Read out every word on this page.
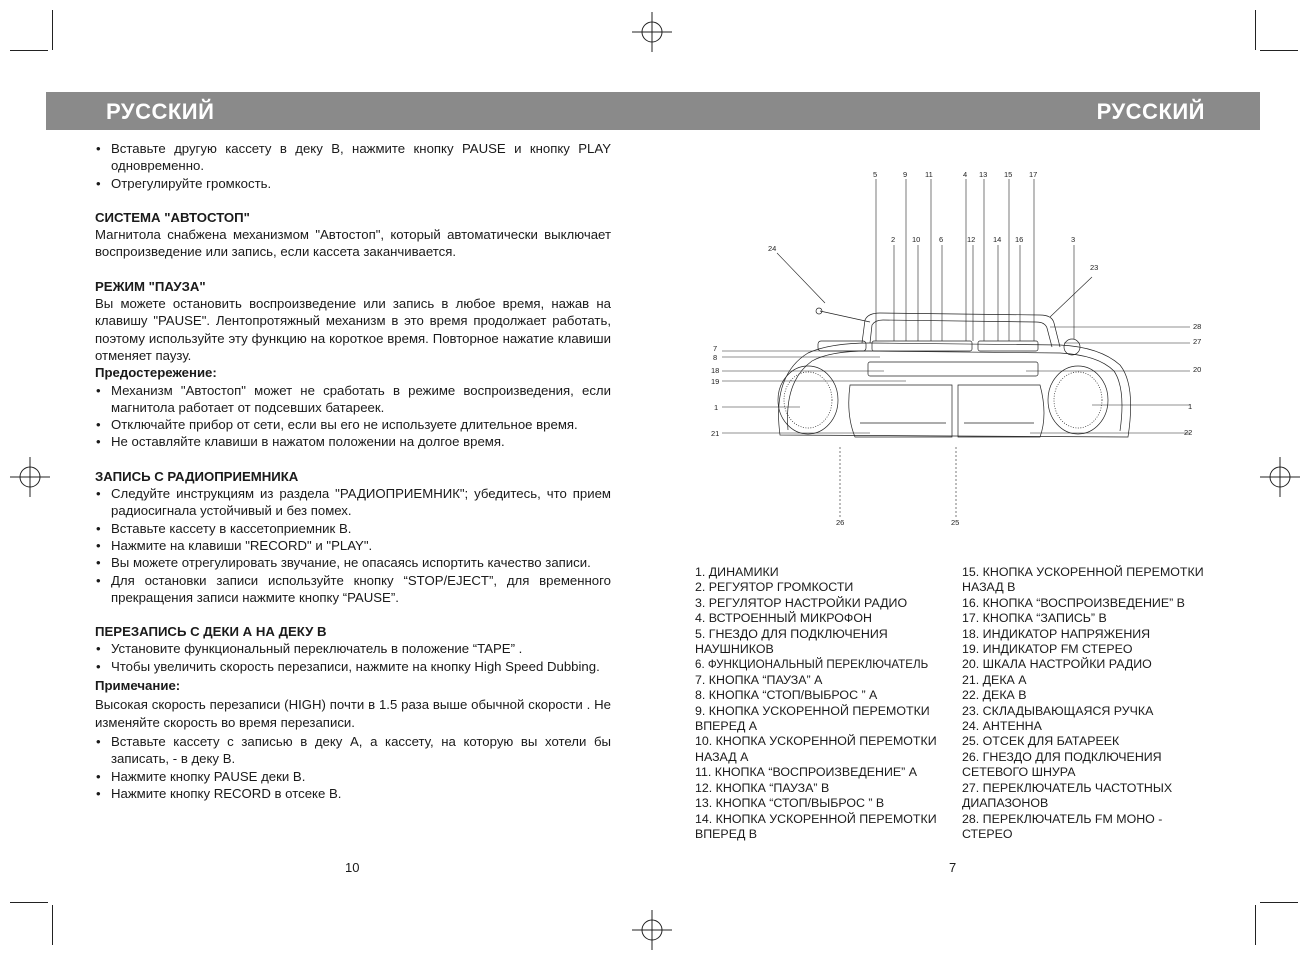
РУССКИЙ	РУССКИЙ
• Вставьте другую кассету в деку В, нажмите кнопку PAUSE и кнопку PLAY одновременно.
• Отрегулируйте громкость.
СИСТЕМА "АВТОСТОП"

Магнитола снабжена механизмом "Автостоп", который автоматически выключает воспроизведение или запись, если кассета заканчивается.

РЕЖИМ "ПАУЗА"

Вы можете остановить воспроизведение или запись в любое время, нажав на клавишу "PAUSE". Лентопротяжный механизм в это время продолжает работать, поэтому используйте эту функцию на короткое время. Повторное нажатие клавиши отменяет паузу.

Предостережение:
• Механизм "Автостоп" может не сработать в режиме воспроизведения, если магнитола работает от подсевших батареек.
• Отключайте прибор от сети, если вы его не используете длительное время.
• Не оставляйте клавиши в нажатом положении на долгое время.
ЗАПИСЬ С РАДИОПРИЕМНИКА
• Следуйте инструкциям из раздела "РАДИОПРИЕМНИК"; убедитесь, что прием радиосигнала устойчивый и без помех.
• Вставьте кассету в кассетоприемник В.
• Нажмите на клавиши "RECORD" и "PLAY".
• Вы можете отрегулировать звучание, не опасаясь испортить качество записи.
• Для остановки записи используйте кнопку “STOP/EJECT”, для временного прекращения записи нажмите кнопку “PAUSE”.
ПЕРЕЗАПИСЬ С ДЕКИ А НА ДЕКУ В
• Установите функциональный переключатель в положение “TAPE” .
• Чтобы увеличить скорость перезаписи, нажмите на кнопку High Speed Dubbing.
Примечание:

Высокая скорость перезаписи (HIGH) почти в 1.5 раза выше обычной скорости . Не изменяйте скорость во время перезаписи.

• Вставьте кассету с записью в деку А, а кассету, на которую вы хотели бы записать, - в деку В.
• Нажмите кнопку PAUSE деки В.
• Нажмите кнопку RECORD в отсеке В.
10
5	9 11	4 13 15 17
2 10 6	12 14 16	3
24
23
7
8
18
19
1
21
28
27
20
1
22
26	25
1. ДИНАМИКИ
2. РЕГУЯТОР ГРОМКОСТИ
3. РЕГУЛЯТОР НАСТРОЙКИ РАДИО
4. ВСТРОЕННЫЙ МИКРОФОН
5. ГНЕЗДО ДЛЯ ПОДКЛЮЧЕНИЯ
НАУШНИКОВ
6. ФУНКЦИОНАЛЬНЫЙ ПЕРЕКЛЮЧАТЕЛЬ
7. КНОПКА “ПАУЗА” А
8. КНОПКА “СТОП/ВЫБРОС ” А
9. КНОПКА УСКОРЕННОЙ ПЕРЕМОТКИ
ВПЕРЕД А
10. КНОПКА УСКОРЕННОЙ ПЕРЕМОТКИ
НАЗАД А
11. КНОПКА “ВОСПРОИЗВЕДЕНИЕ” А
12. КНОПКА “ПАУЗА” В
13. КНОПКА “СТОП/ВЫБРОС ” В
14. КНОПКА УСКОРЕННОЙ ПЕРЕМОТКИ
ВПЕРЕД В
15. КНОПКА УСКОРЕННОЙ ПЕРЕМОТКИ
НАЗАД В
16. КНОПКА “ВОСПРОИЗВЕДЕНИЕ” В
17. КНОПКА “ЗАПИСЬ” В
18. ИНДИКАТОР НАПРЯЖЕНИЯ
19. ИНДИКАТОР FM СТЕРЕО
20. ШКАЛА НАСТРОЙКИ РАДИО
21. ДЕКА А
22. ДЕКА В
23. СКЛАДЫВАЮЩАЯСЯ РУЧКА
24. АНТЕННА
25. ОТСЕК ДЛЯ БАТАРЕЕК
26. ГНЕЗДО ДЛЯ ПОДКЛЮЧЕНИЯ
СЕТЕВОГО ШНУРА
27. ПЕРЕКЛЮЧАТЕЛЬ ЧАСТОТНЫХ
ДИАПАЗОНОВ
28. ПЕРЕКЛЮЧАТЕЛЬ FM МОНО -
СТЕРЕО
7
